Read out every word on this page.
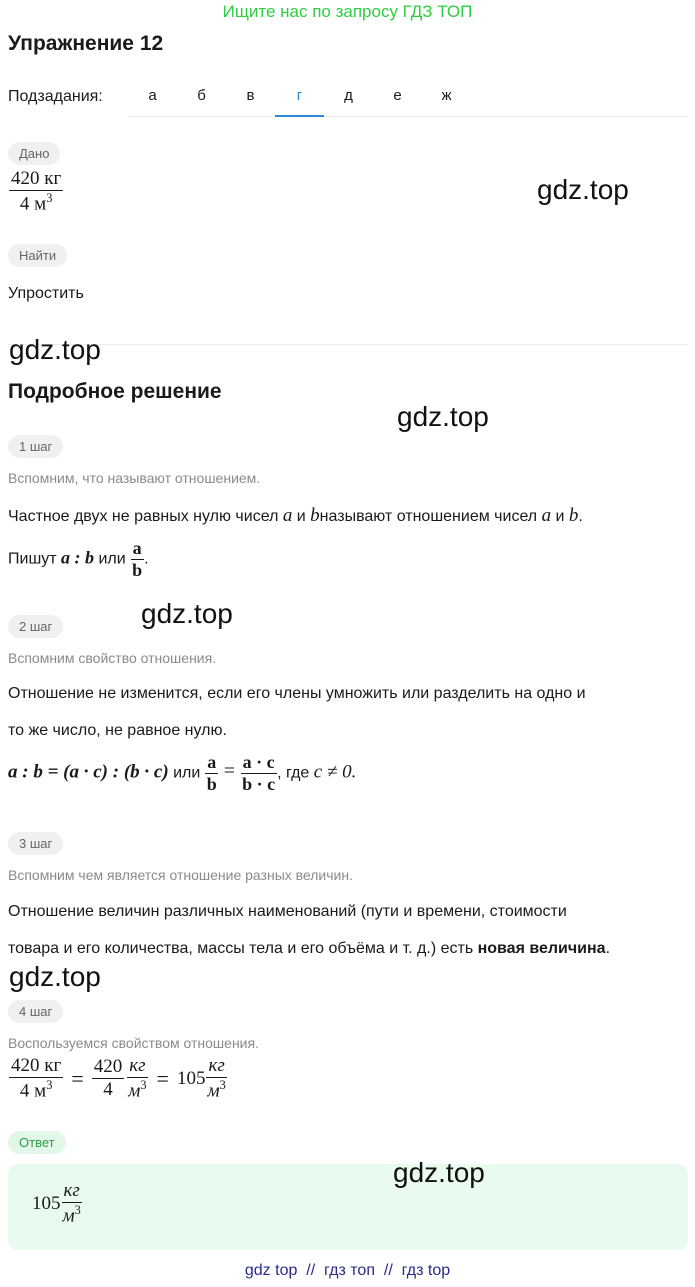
Ищите нас по запросу ГДЗ ТОП
Упражнение 12
Подзадания:	а	б	в	г	д	е	ж
Дано
$\frac{420 кг}{4 м^3}$	gdz.top
Найти
Упростить
gdz.top
Подробное решение
gdz.top
1 шаг
Вспомним, что называют отношением.
Частное двух не равных нулю чисел a и bназывают отношением чисел a и b.
Пишут a : b или $\frac{a}{b}$ .
gdz.top
2 шаг
Вспомним свойство отношения.
Отношение не изменится, если его члены умножить или разделить на одно и
то же число, не равное нулю.
a : b = (a · c) : (b · c) или $\frac{a}{b} = \frac{a \cdot c}{b \cdot c}$ , где c ≠ 0.
3 шаг
Вспомним чем является отношение разных величин.
Отношение величин различных наименований (пути и времени, стоимости
товара и его количества, массы тела и его объёма и т. д.) есть новая величина.
gdz.top
4 шаг
Воспользуемся свойством отношения.
$\frac{420 кг}{4 м^3} = \frac{420}{4} \frac{кг}{м^3} = 105 \frac{кг}{м^3}$
Ответ
$105 \frac{кг}{м^3}$
gdz.top
gdz top  //  гдз топ  //  гдз top
